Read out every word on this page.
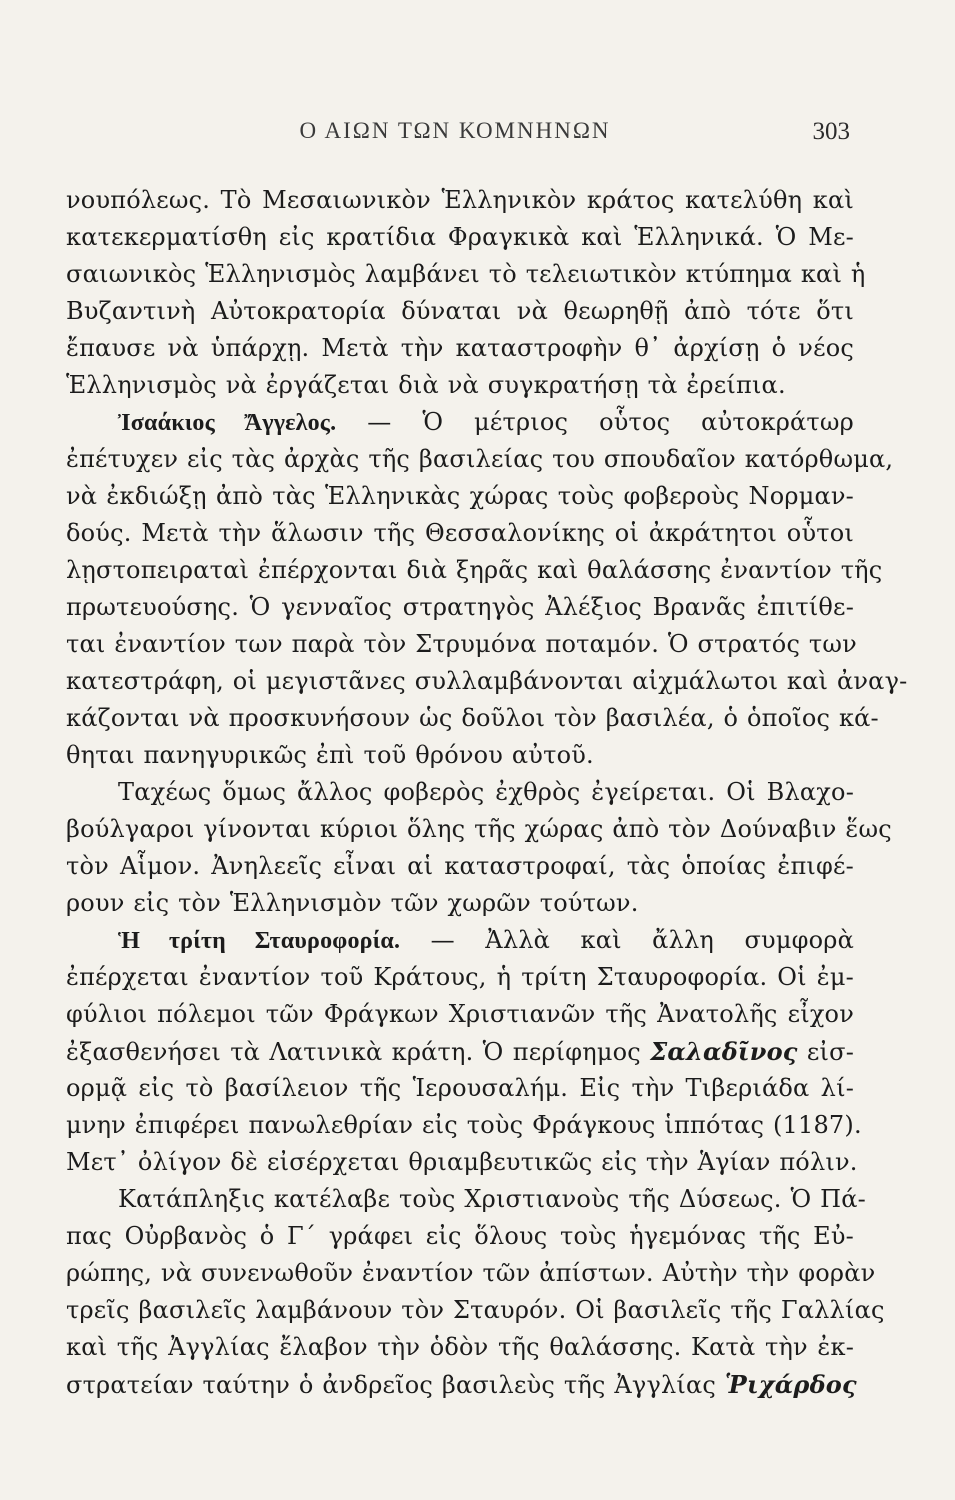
Ο ΑΙΩΝ ΤΩΝ ΚΟΜΝΗΝΩΝ	303
νουπόλεως. Τὸ Μεσαιωνικὸν Ἑλληνικὸν κράτος κατελύθη καὶ
κατεκερματίσθη εἰς κρατίδια Φραγκικὰ καὶ Ἑλληνικά. Ὁ Με-
σαιωνικὸς Ἑλληνισμὸς λαμβάνει τὸ τελειωτικὸν κτύπημα καὶ ἡ
Βυζαντινὴ Αὐτοκρατορία δύναται νὰ θεωρηθῇ ἀπὸ τότε ὅτι
ἔπαυσε νὰ ὑπάρχῃ. Μετὰ τὴν καταστροφὴν θ᾿ ἀρχίσῃ ὁ νέος
Ἑλληνισμὸς νὰ ἐργάζεται διὰ νὰ συγκρατήσῃ τὰ ἐρείπια.
Ἰσαάκιος Ἄγγελος. — Ὁ μέτριος οὗτος αὐτοκράτωρ
ἐπέτυχεν εἰς τὰς ἀρχὰς τῆς βασιλείας του σπουδαῖον κατόρθωμα,
νὰ ἐκδιώξῃ ἀπὸ τὰς Ἑλληνικὰς χώρας τοὺς φοβεροὺς Νορμαν-
δούς. Μετὰ τὴν ἅλωσιν τῆς Θεσσαλονίκης οἱ ἀκράτητοι οὗτοι
λῃστοπειραταὶ ἐπέρχονται διὰ ξηρᾶς καὶ θαλάσσης ἐναντίον τῆς
πρωτευούσης. Ὁ γενναῖος στρατηγὸς Ἀλέξιος Βρανᾶς ἐπιτίθε-
ται ἐναντίον των παρὰ τὸν Στρυμόνα ποταμόν. Ὁ στρατός των
κατεστράφη, οἱ μεγιστᾶνες συλλαμβάνονται αἰχμάλωτοι καὶ ἀναγ-
κάζονται νὰ προσκυνήσουν ὡς δοῦλοι τὸν βασιλέα, ὁ ὁποῖος κά-
θηται πανηγυρικῶς ἐπὶ τοῦ θρόνου αὐτοῦ.
Ταχέως ὅμως ἄλλος φοβερὸς ἐχθρὸς ἐγείρεται. Οἱ Βλαχο-
βούλγαροι γίνονται κύριοι ὅλης τῆς χώρας ἀπὸ τὸν Δούναβιν ἕως
τὸν Αἷμον. Ἀνηλεεῖς εἶναι αἱ καταστροφαί, τὰς ὁποίας ἐπιφέ-
ρουν εἰς τὸν Ἑλληνισμὸν τῶν χωρῶν τούτων.
Ἡ τρίτη Σταυροφορία. — Ἀλλὰ καὶ ἄλλη συμφορὰ
ἐπέρχεται ἐναντίον τοῦ Κράτους, ἡ τρίτη Σταυροφορία. Οἱ ἐμ-
φύλιοι πόλεμοι τῶν Φράγκων Χριστιανῶν τῆς Ἀνατολῆς εἶχον
ἐξασθενήσει τὰ Λατινικὰ κράτη. Ὁ περίφημος Σαλαδῖνος εἰσ-
ορμᾷ εἰς τὸ βασίλειον τῆς Ἱερουσαλήμ. Εἰς τὴν Τιβεριάδα λί-
μνην ἐπιφέρει πανωλεθρίαν εἰς τοὺς Φράγκους ἱππότας (1187).
Μετ᾿ ὀλίγον δὲ εἰσέρχεται θριαμβευτικῶς εἰς τὴν Ἁγίαν πόλιν.
Κατάπληξις κατέλαβε τοὺς Χριστιανοὺς τῆς Δύσεως. Ὁ Πά-
πας Οὐρβανὸς ὁ Γ΄ γράφει εἰς ὅλους τοὺς ἡγεμόνας τῆς Εὐ-
ρώπης, νὰ συνενωθοῦν ἐναντίον τῶν ἀπίστων. Αὐτὴν τὴν φορὰν
τρεῖς βασιλεῖς λαμβάνουν τὸν Σταυρόν. Οἱ βασιλεῖς τῆς Γαλλίας
καὶ τῆς Ἀγγλίας ἔλαβον τὴν ὁδὸν τῆς θαλάσσης. Κατὰ τὴν ἐκ-
στρατείαν ταύτην ὁ ἀνδρεῖος βασιλεὺς τῆς Ἀγγλίας Ῥιχάρδος
